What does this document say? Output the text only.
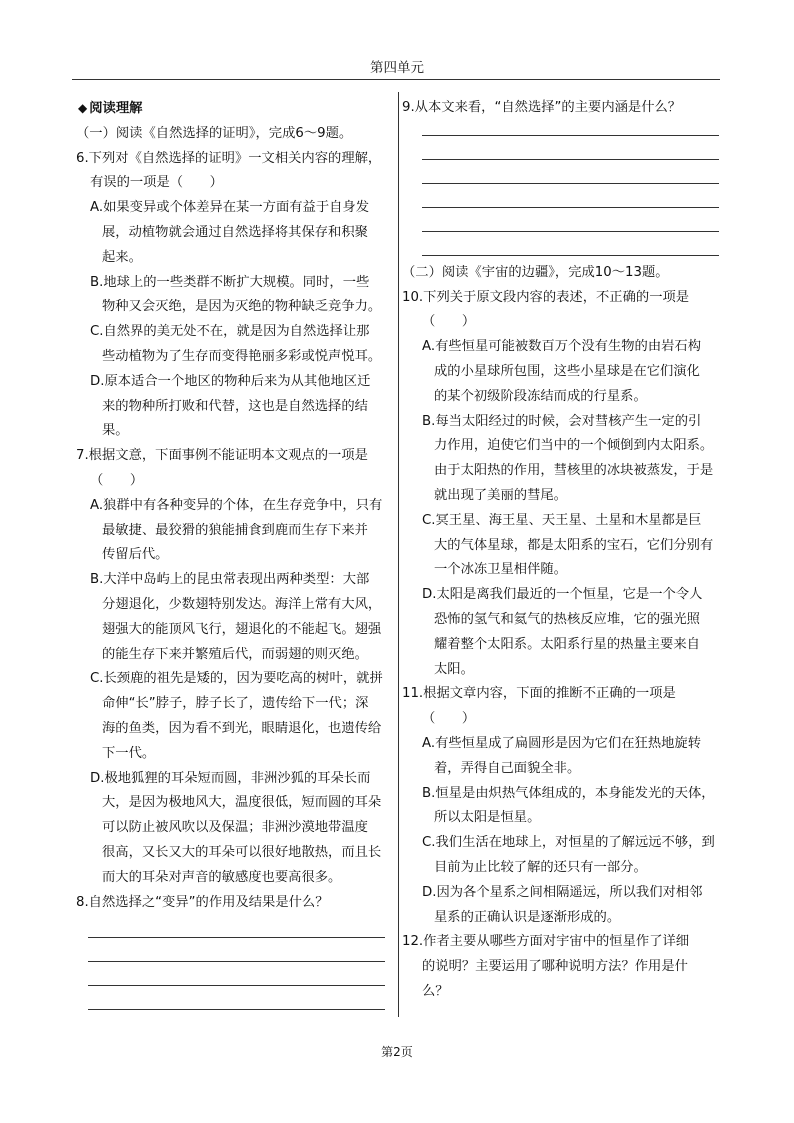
第四单元
◆ 阅读理解
（一）阅读《自然选择的证明》，完成6～9题。
6.下列对《自然选择的证明》一文相关内容的理解，
有误的一项是（　　）
A.如果变异或个体差异在某一方面有益于自身发
展，动植物就会通过自然选择将其保存和积聚
起来。
B.地球上的一些类群不断扩大规模。同时，一些
物种又会灭绝，是因为灭绝的物种缺乏竞争力。
C.自然界的美无处不在，就是因为自然选择让那
些动植物为了生存而变得艳丽多彩或悦声悦耳。
D.原本适合一个地区的物种后来为从其他地区迁
来的物种所打败和代替，这也是自然选择的结
果。
7.根据文意，下面事例不能证明本文观点的一项是
（　　）
A.狼群中有各种变异的个体，在生存竞争中，只有
最敏捷、最狡猾的狼能捕食到鹿而生存下来并
传留后代。
B.大洋中岛屿上的昆虫常表现出两种类型：大部
分翅退化，少数翅特别发达。海洋上常有大风，
翅强大的能顶风飞行，翅退化的不能起飞。翅强
的能生存下来并繁殖后代，而弱翅的则灭绝。
C.长颈鹿的祖先是矮的，因为要吃高的树叶，就拼
命伸“长”脖子，脖子长了，遗传给下一代；深
海的鱼类，因为看不到光，眼睛退化，也遗传给
下一代。
D.极地狐狸的耳朵短而圆，非洲沙狐的耳朵长而
大，是因为极地风大，温度很低，短而圆的耳朵
可以防止被风吹以及保温；非洲沙漠地带温度
很高，又长又大的耳朵可以很好地散热，而且长
而大的耳朵对声音的敏感度也要高很多。
8.自然选择之“变异”的作用及结果是什么？
9.从本文来看，“自然选择”的主要内涵是什么？
（二）阅读《宇宙的边疆》，完成10～13题。
10.下列关于原文段内容的表述，不正确的一项是
（　　）
A.有些恒星可能被数百万个没有生物的由岩石构
成的小星球所包围，这些小星球是在它们演化
的某个初级阶段冻结而成的行星系。
B.每当太阳经过的时候，会对彗核产生一定的引
力作用，迫使它们当中的一个倾倒到内太阳系。
由于太阳热的作用，彗核里的冰块被蒸发，于是
就出现了美丽的彗尾。
C.冥王星、海王星、天王星、土星和木星都是巨
大的气体星球，都是太阳系的宝石，它们分别有
一个冰冻卫星相伴随。
D.太阳是离我们最近的一个恒星，它是一个令人
恐怖的氢气和氦气的热核反应堆，它的强光照
耀着整个太阳系。太阳系行星的热量主要来自
太阳。
11.根据文章内容，下面的推断不正确的一项是
（　　）
A.有些恒星成了扁圆形是因为它们在狂热地旋转
着，弄得自己面貌全非。
B.恒星是由炽热气体组成的，本身能发光的天体，
所以太阳是恒星。
C.我们生活在地球上，对恒星的了解远远不够，到
目前为止比较了解的还只有一部分。
D.因为各个星系之间相隔遥远，所以我们对相邻
星系的正确认识是逐渐形成的。
12.作者主要从哪些方面对宇宙中的恒星作了详细
的说明？主要运用了哪种说明方法？作用是什
么？
第2页
